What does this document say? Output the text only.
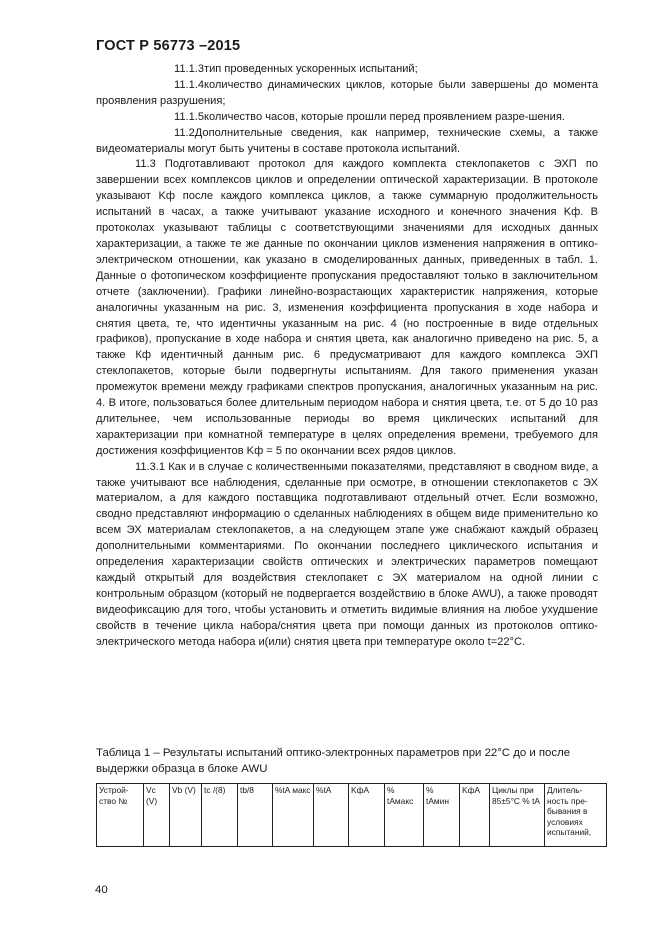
ГОСТ Р 56773 –2015

11.1.3тип проведенных ускоренных испытаний;

11.1.4количество динамических циклов, которые были завершены до момента проявления разрушения;

11.1.5количество часов, которые прошли перед проявлением разре-шения.

11.2Дополнительные сведения, как например, технические схемы, а также видеоматериалы могут быть учитены в составе протокола испытаний.

11.3 Подготавливают протокол для каждого комплекта стеклопакетов с ЭХП по завершении всех комплексов циклов и определении оптической характеризации. В протоколе указывают Kф после каждого комплекса циклов, а также суммарную продолжительность испытаний в часах, а также учитывают указание исходного и конечного значения Kф. В протоколах указывают таблицы с соответствующими значениями для исходных данных характеризации, а также те же данные по окончании циклов изменения напряжения в оптико-электрическом отношении, как указано в смоделированных данных, приведенных в табл. 1. Данные о фотопическом коэффициенте пропускания предоставляют только в заключительном отчете (заключении). Графики линейно-возрастающих характеристик напряжения, которые аналогичны указанным на рис. 3, изменения коэффициента пропускания в ходе набора и снятия цвета, те, что идентичны указанным на рис. 4 (но построенные в виде отдельных графиков), пропускание в ходе набора и снятия цвета, как аналогично приведено на рис. 5, а также Кф идентичный данным рис. 6 предусматривают для каждого комплекса ЭХП стеклопакетов, которые были подвергнуты испытаниям. Для такого применения указан промежуток времени между графиками спектров пропускания, аналогичных указанным на рис. 4. В итоге, пользоваться более длительным периодом набора и снятия цвета, т.е. от 5 до 10 раз длительнее, чем использованные периоды во время циклических испытаний для характеризации при комнатной температуре в целях определения времени, требуемого для достижения коэффициентов Kф = 5 по окончании всех рядов циклов.

11.3.1 Как и в случае с количественными показателями, представляют в сводном виде, а также учитывают все наблюдения, сделанные при осмотре, в отношении стеклопакетов с ЭХ материалом, а для каждого поставщика подготавливают отдельный отчет. Если возможно, сводно представляют информацию о сделанных наблюдениях в общем виде применительно ко всем ЭХ материалам стеклопакетов, а на следующем этапе уже снабжают каждый образец дополнительными комментариями. По окончании последнего циклического испытания и определения характеризации свойств оптических и электрических параметров помещают каждый открытый для воздействия стеклопакет с ЭХ материалом на одной линии с контрольным образцом (который не подвергается воздействию в блоке AWU), а также проводят видеофиксацию для того, чтобы установить и отметить видимые влияния на любое ухудшение свойств в течение цикла набора/снятия цвета при помощи данных из протоколов оптико-электрического метода набора и(или) снятия цвета при температуре около t=22°C.

Таблица 1 – Результаты испытаний оптико-электронных параметров при 22°C до и после выдержки образца в блоке AWU
Устрой-ство №	Vc (V)	Vb (V)	tc /(8)	tb/8	%tA макс	%tA	KфA	% tAмакс	% tAмин	KфA	Циклы при 85±5°C % tA	Длитель-ность пре-бывания в условиях испытаний,
40
